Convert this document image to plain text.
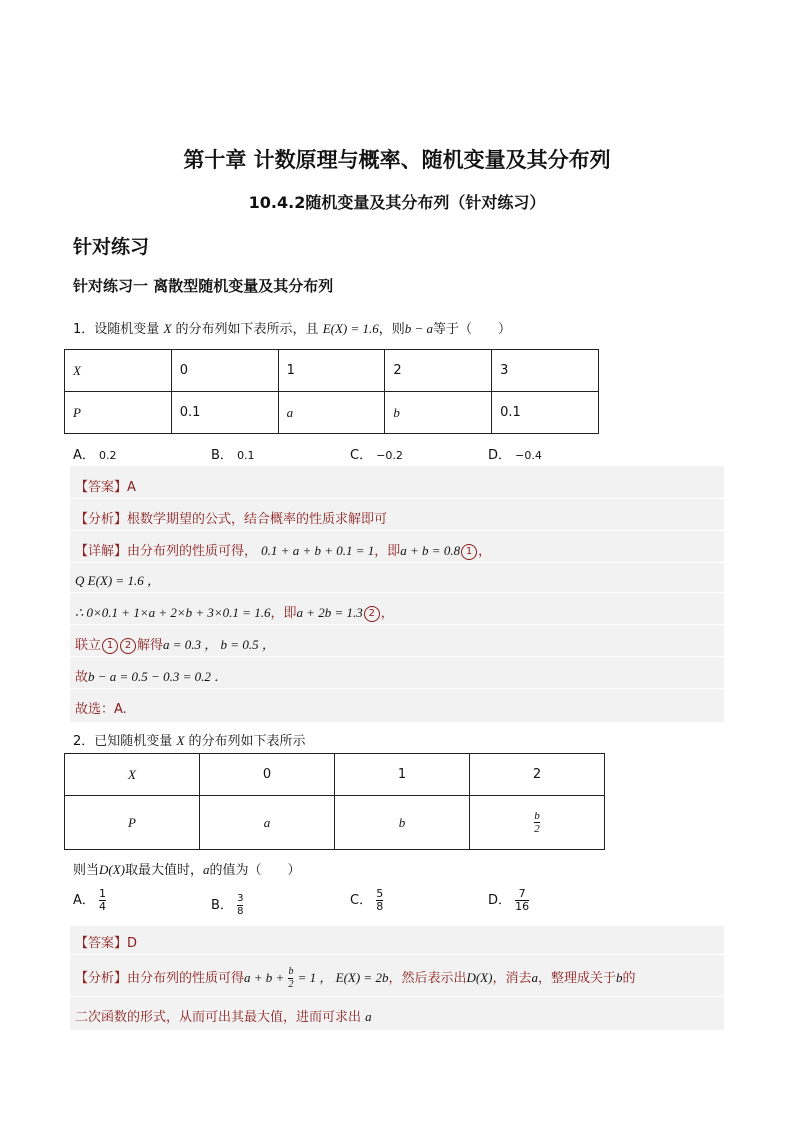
第十章 计数原理与概率、随机变量及其分布列
10.4.2随机变量及其分布列（针对练习）
针对练习
针对练习一 离散型随机变量及其分布列
1．设随机变量 X 的分布列如下表所示，且 E(X) = 1.6，则b − a等于（　　）
X	0	1	2	3
P	0.1	a	b	0.1
A． 0.2	B． 0.1	C． −0.2	D． −0.4
【答案】A
【分析】根数学期望的公式，结合概率的性质求解即可
【详解】由分布列的性质可得， 0.1 + a + b + 0.1 = 1，即a + b = 0.8 1 ，
Q E(X) = 1.6 ，
∴ 0×0.1 + 1×a + 2×b + 3×0.1 = 1.6，即a + 2b = 1.3 2 ，
联立 1 2 解得a = 0.3 ， b = 0.5 ，
故b − a = 0.5 − 0.3 = 0.2 ．
故选：A.
2．已知随机变量 X 的分布列如下表所示
X	0	1	2
P	a	b	$\frac{b}{2}$
则当D(X)取最大值时，a的值为（　　）
A． $\frac{1}{4}$	B． $\frac{3}{8}$	C． $\frac{5}{8}$	D． $\frac{7}{16}$
【答案】D
【分析】由分布列的性质可得$a + b + \frac{b}{2} = 1$ ， E(X) = 2b，然后表示出D(X)，消去a，整理成关于b的
二次函数的形式，从而可出其最大值，进而可求出 a
